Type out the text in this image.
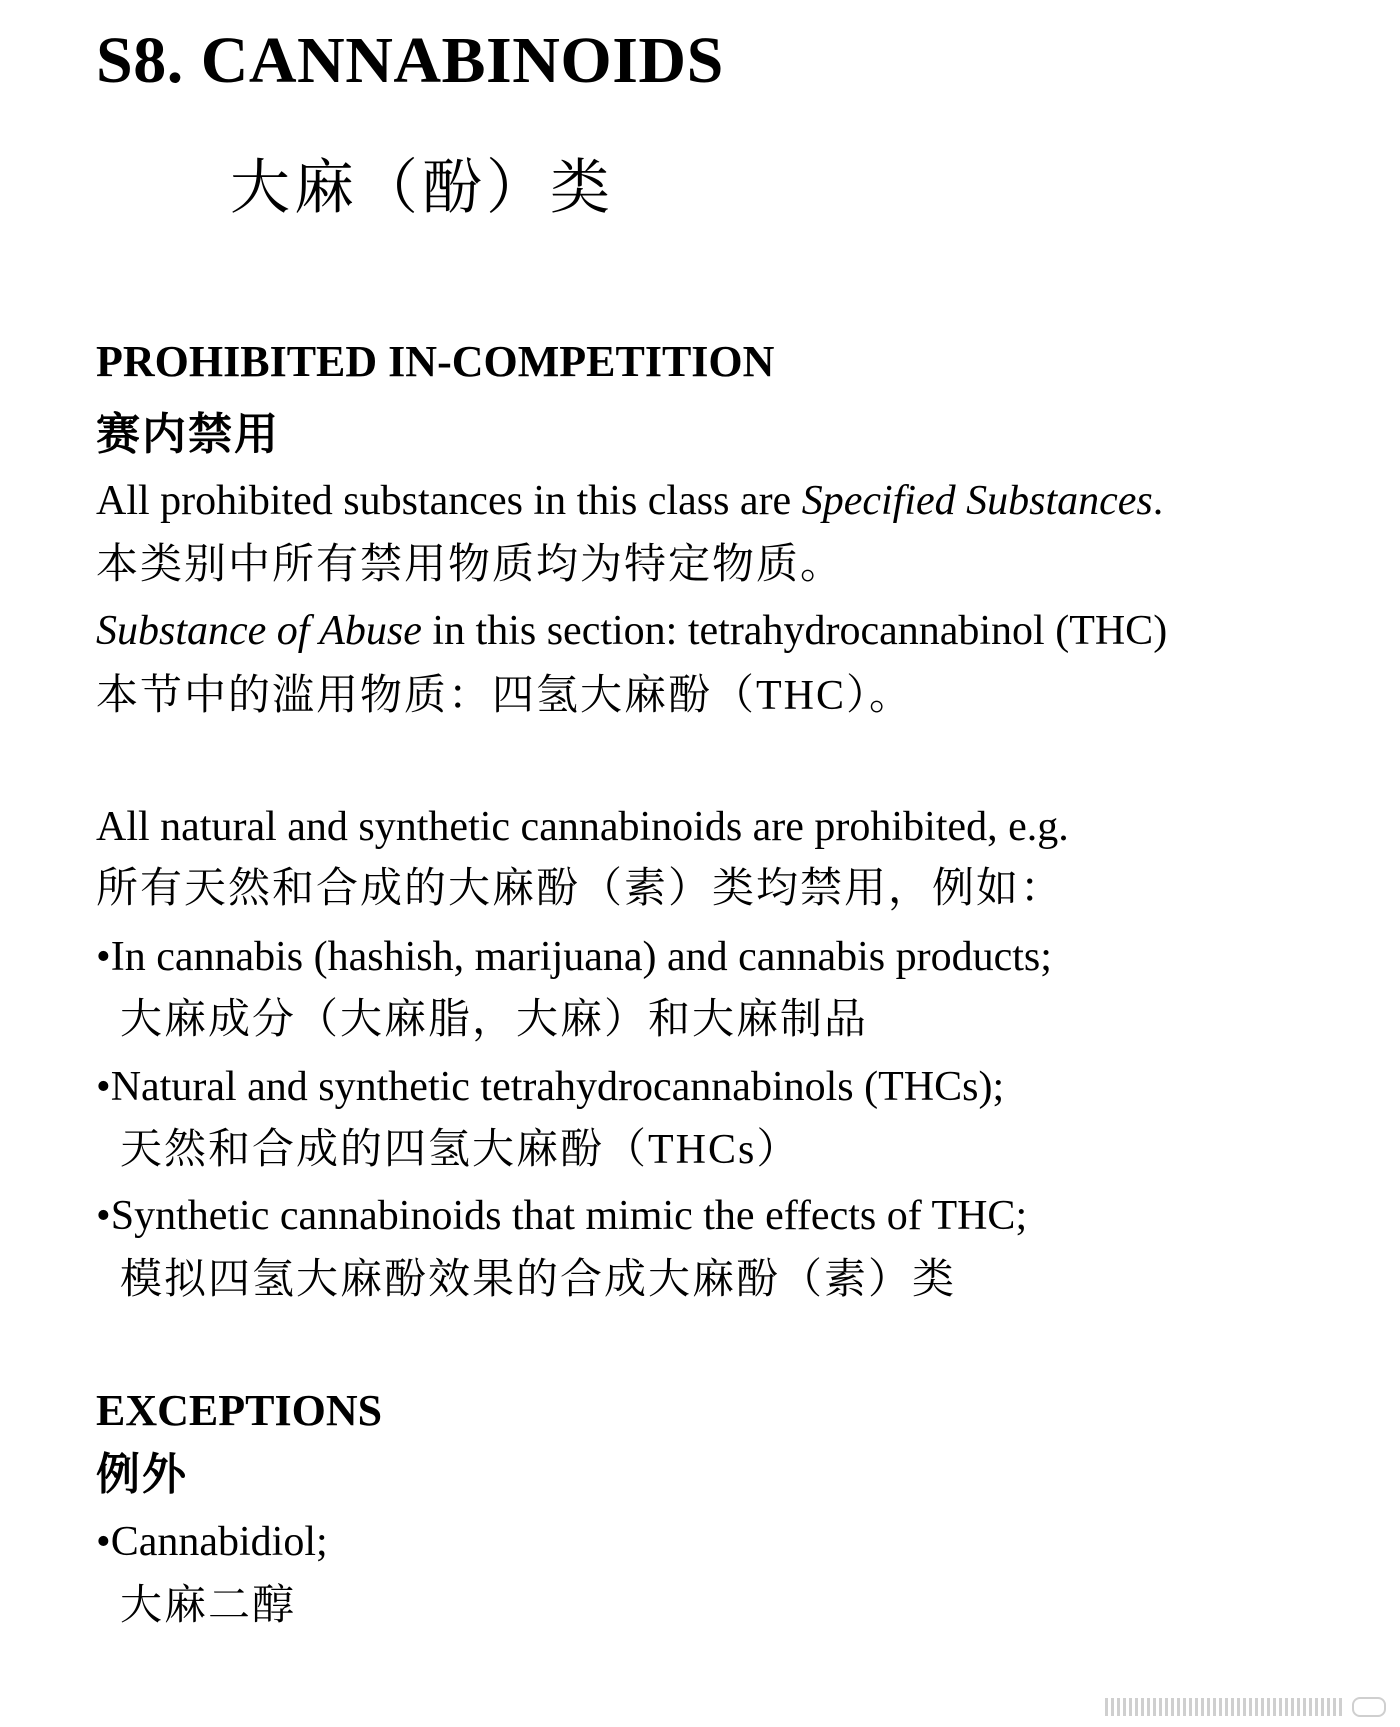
S8. CANNABINOIDS
大麻（酚）类
PROHIBITED IN-COMPETITION
赛内禁用
All prohibited substances in this class are Specified Substances.
本类别中所有禁用物质均为特定物质。
Substance of Abuse in this section: tetrahydrocannabinol (THC)
本节中的滥用物质：四氢大麻酚（THC）。
All natural and synthetic cannabinoids are prohibited, e.g.
所有天然和合成的大麻酚（素）类均禁用，例如：
•In cannabis (hashish, marijuana) and cannabis products;
大麻成分（大麻脂，大麻）和大麻制品
•Natural and synthetic tetrahydrocannabinols (THCs);
天然和合成的四氢大麻酚（THCs）
•Synthetic cannabinoids that mimic the effects of THC;
模拟四氢大麻酚效果的合成大麻酚（素）类
EXCEPTIONS
例外
•Cannabidiol;
大麻二醇
